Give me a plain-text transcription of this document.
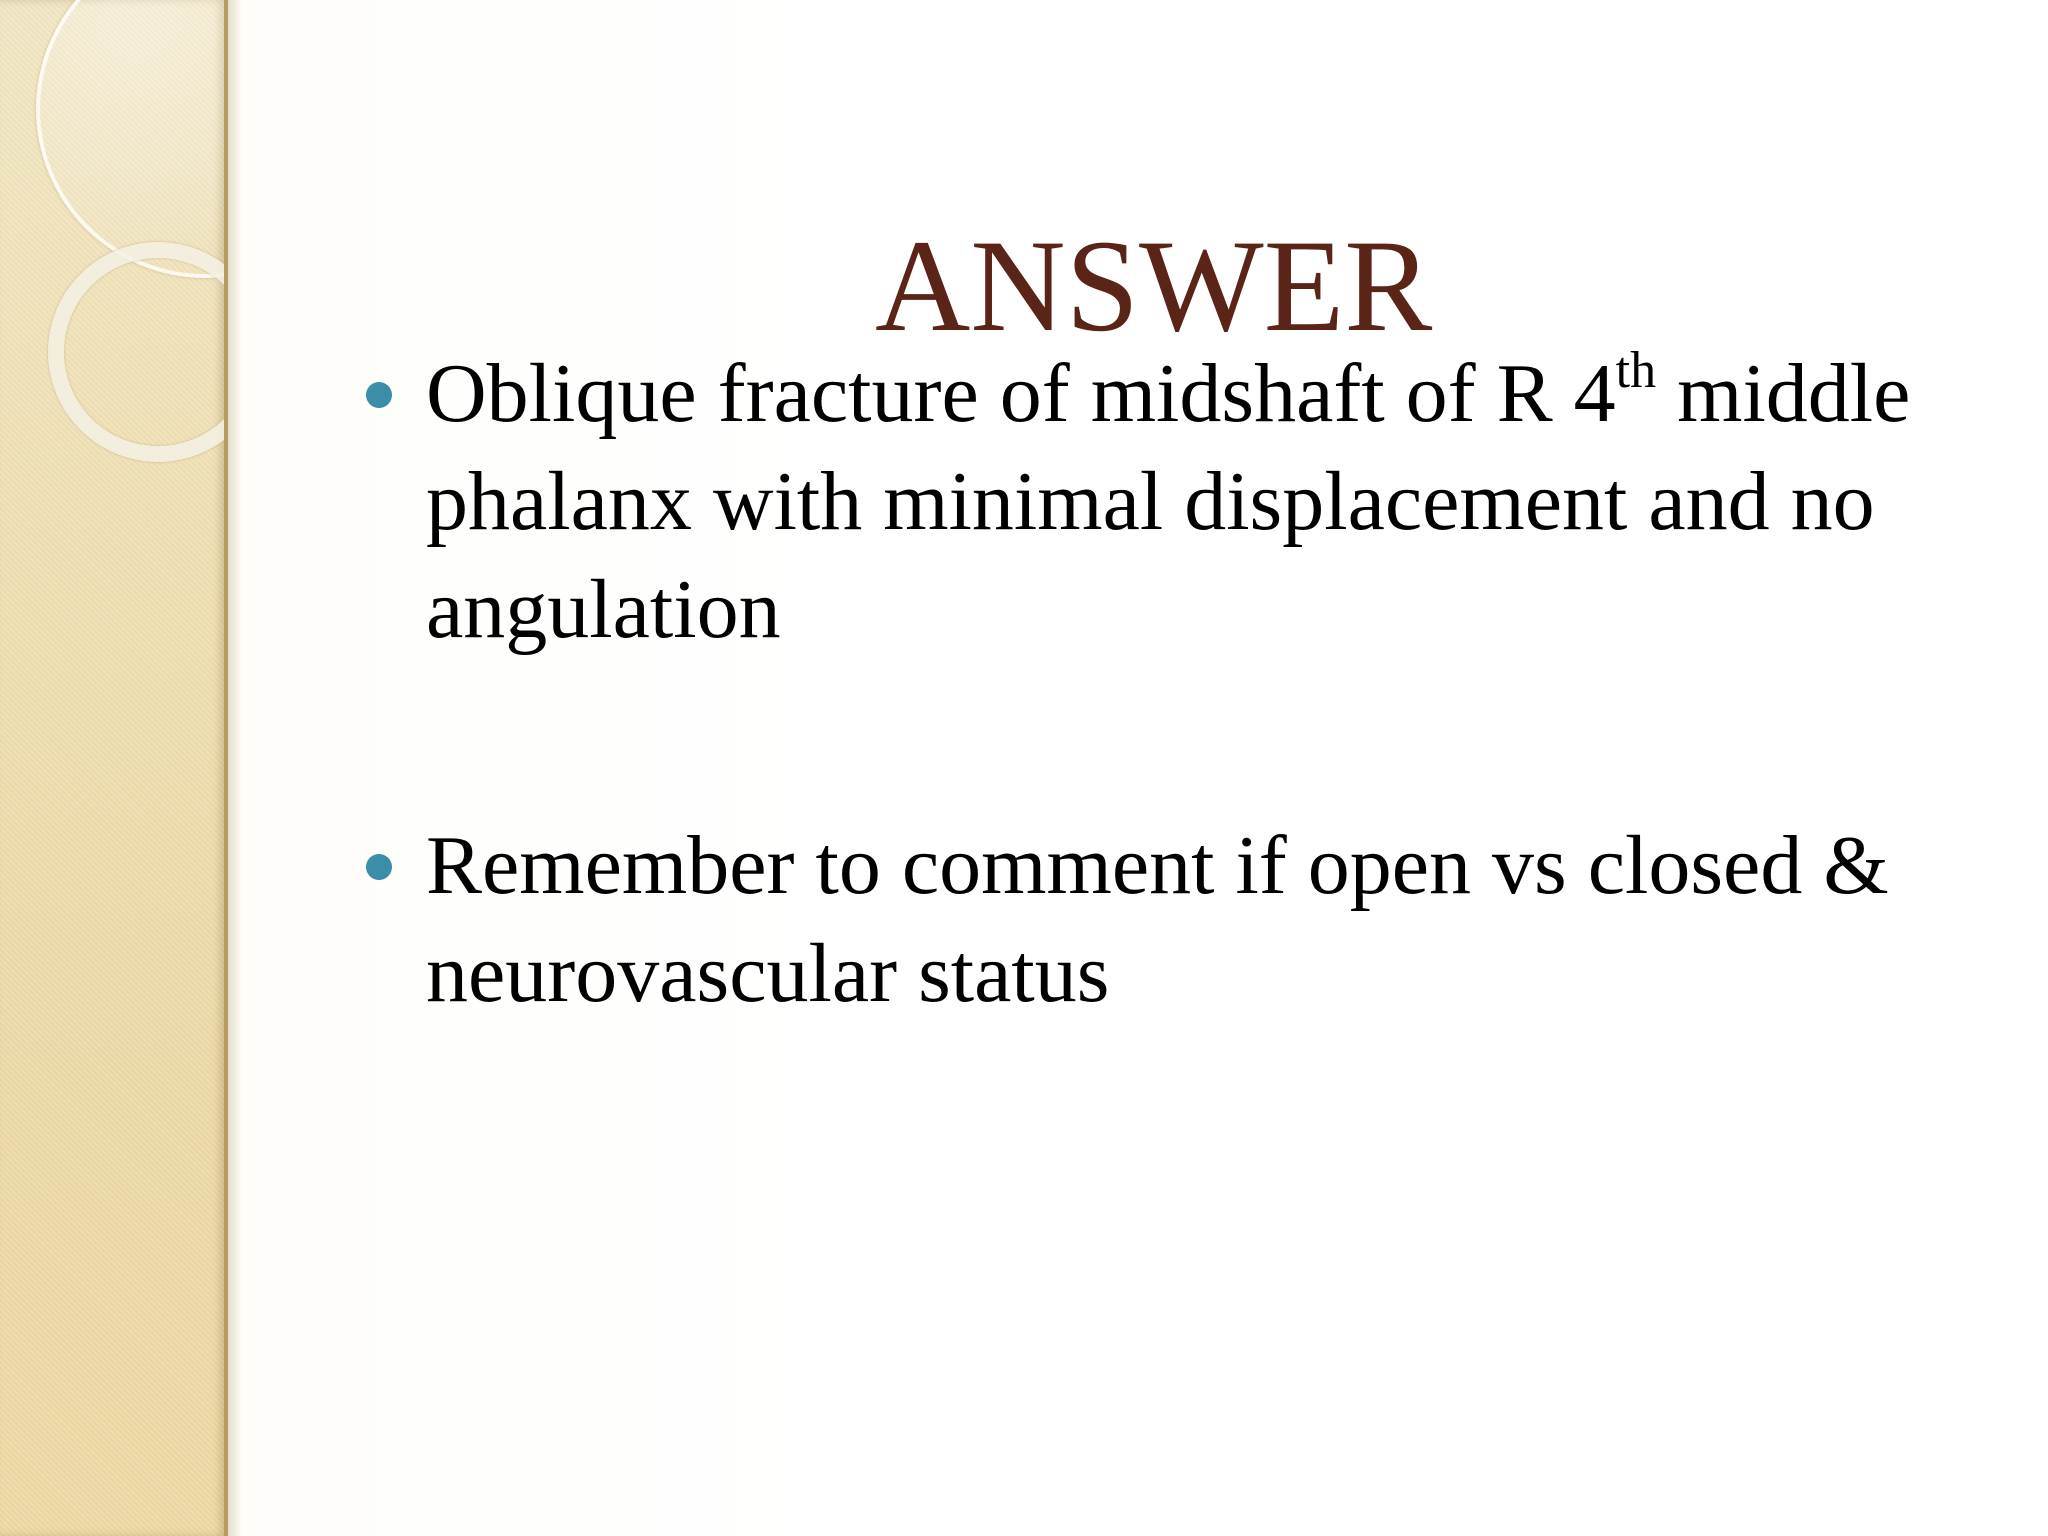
ANSWER
Oblique fracture of midshaft of R 4th middle phalanx with minimal displacement and no angulation
Remember to comment if open vs closed & neurovascular status
